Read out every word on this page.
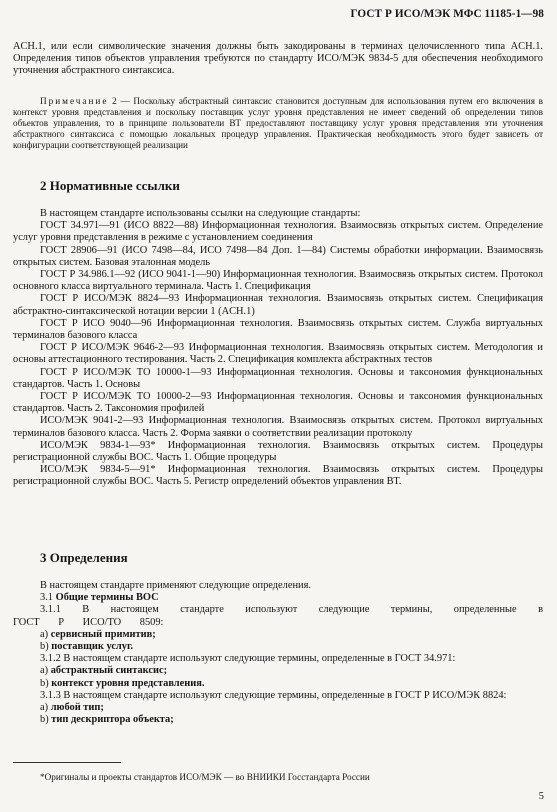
ГОСТ Р ИСО/МЭК МФС 11185-1—98

ACH.1, или если символические значения должны быть закодированы в терминах целочисленного типа ACH.1. Определения типов объектов управления требуются по стандарту ИСО/МЭК 9834-5 для обеспечения необходимого уточнения абстрактного синтаксиса.

Примечание 2 — Поскольку абстрактный синтаксис становится доступным для использования путем его включения в контекст уровня представления и поскольку поставщик услуг уровня представления не имеет сведений об определении типов объектов управления, то в принципе пользователи ВТ предоставляют поставщику услуг уровня представления эти уточнения абстрактного синтаксиса с помощью локальных процедур управления. Практическая необходимость этого будет зависеть от конфигурации соответствующей реализации
2 Нормативные ссылки

В настоящем стандарте использованы ссылки на следующие стандарты:

ГОСТ 34.971—91 (ИСО 8822—88) Информационная технология. Взаимосвязь открытых систем. Определение услуг уровня представления в режиме с установлением соединения

ГОСТ 28906—91 (ИСО 7498—84, ИСО 7498—84 Доп. 1—84) Системы обработки информации. Взаимосвязь открытых систем. Базовая эталонная модель

ГОСТ Р 34.986.1—92 (ИСО 9041-1—90) Информационная технология. Взаимосвязь открытых систем. Протокол основного класса виртуального терминала. Часть 1. Спецификация

ГОСТ Р ИСО/МЭК 8824—93 Информационная технология. Взаимосвязь открытых систем. Спецификация абстрактно-синтаксической нотации версии 1 (ACH.1)

ГОСТ Р ИСО 9040—96 Информационная технология. Взаимосвязь открытых систем. Служба виртуальных терминалов базового класса

ГОСТ Р ИСО/МЭК 9646-2—93 Информационная технология. Взаимосвязь открытых систем. Методология и основы аттестационного тестирования. Часть 2. Спецификация комплекта абстрактных тестов

ГОСТ Р ИСО/МЭК ТО 10000-1—93 Информационная технология. Основы и таксономия функциональных стандартов. Часть 1. Основы

ГОСТ Р ИСО/МЭК ТО 10000-2—93 Информационная технология. Основы и таксономия функциональных стандартов. Часть 2. Таксономия профилей

ИСО/МЭК 9041-2—93 Информационная технология. Взаимосвязь открытых систем. Протокол виртуальных терминалов базового класса. Часть 2. Форма заявки о соответствии реализации протоколу

ИСО/МЭК 9834-1—93* Информационная технология. Взаимосвязь открытых систем. Процедуры регистрационной службы ВОС. Часть 1. Общие процедуры

ИСО/МЭК 9834-5—91* Информационная технология. Взаимосвязь открытых систем. Процедуры регистрационной службы ВОС. Часть 5. Регистр определений объектов управления ВТ.

3 Определения

В настоящем стандарте применяют следующие определения.

3.1 Общие термины ВОС

3.1.1 В настоящем стандарте используют следующие термины, определенные в ГОСТ Р ИСО/ТО 8509:

а) сервисный примитив;

b) поставщик услуг.

3.1.2 В настоящем стандарте используют следующие термины, определенные в ГОСТ 34.971:

а) абстрактный синтаксис;

b) контекст уровня представления.

3.1.3 В настоящем стандарте используют следующие термины, определенные в ГОСТ Р ИСО/МЭК 8824:

а) любой тип;

b) тип дескриптора объекта;

*Оригиналы и проекты стандартов ИСО/МЭК — во ВНИИКИ Госстандарта России
5
